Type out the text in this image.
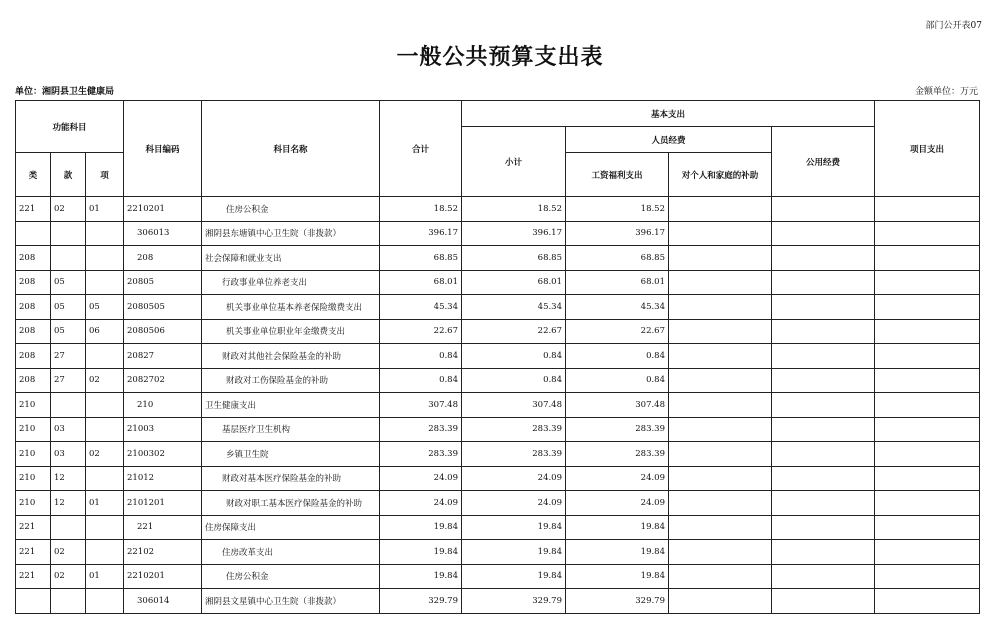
部门公开表07
一般公共预算支出表
单位：湘阴县卫生健康局	金额单位：万元
功能科目			科目编码	科目名称	合计	基本支出				项目支出
						小计	人员经费		公用经费	
类	款	项					工资福利支出	对个人和家庭的补助		
221	02	01	2210201	住房公积金	18.52	18.52	18.52			
			306013	湘阴县东塘镇中心卫生院（非拨款）	396.17	396.17	396.17			
208			208	社会保障和就业支出	68.85	68.85	68.85			
208	05		20805	行政事业单位养老支出	68.01	68.01	68.01			
208	05	05	2080505	机关事业单位基本养老保险缴费支出	45.34	45.34	45.34			
208	05	06	2080506	机关事业单位职业年金缴费支出	22.67	22.67	22.67			
208	27		20827	财政对其他社会保险基金的补助	0.84	0.84	0.84			
208	27	02	2082702	财政对工伤保险基金的补助	0.84	0.84	0.84			
210			210	卫生健康支出	307.48	307.48	307.48			
210	03		21003	基层医疗卫生机构	283.39	283.39	283.39			
210	03	02	2100302	乡镇卫生院	283.39	283.39	283.39			
210	12		21012	财政对基本医疗保险基金的补助	24.09	24.09	24.09			
210	12	01	2101201	财政对职工基本医疗保险基金的补助	24.09	24.09	24.09			
221			221	住房保障支出	19.84	19.84	19.84			
221	02		22102	住房改革支出	19.84	19.84	19.84			
221	02	01	2210201	住房公积金	19.84	19.84	19.84			
			306014	湘阴县文星镇中心卫生院（非拨款）	329.79	329.79	329.79			
